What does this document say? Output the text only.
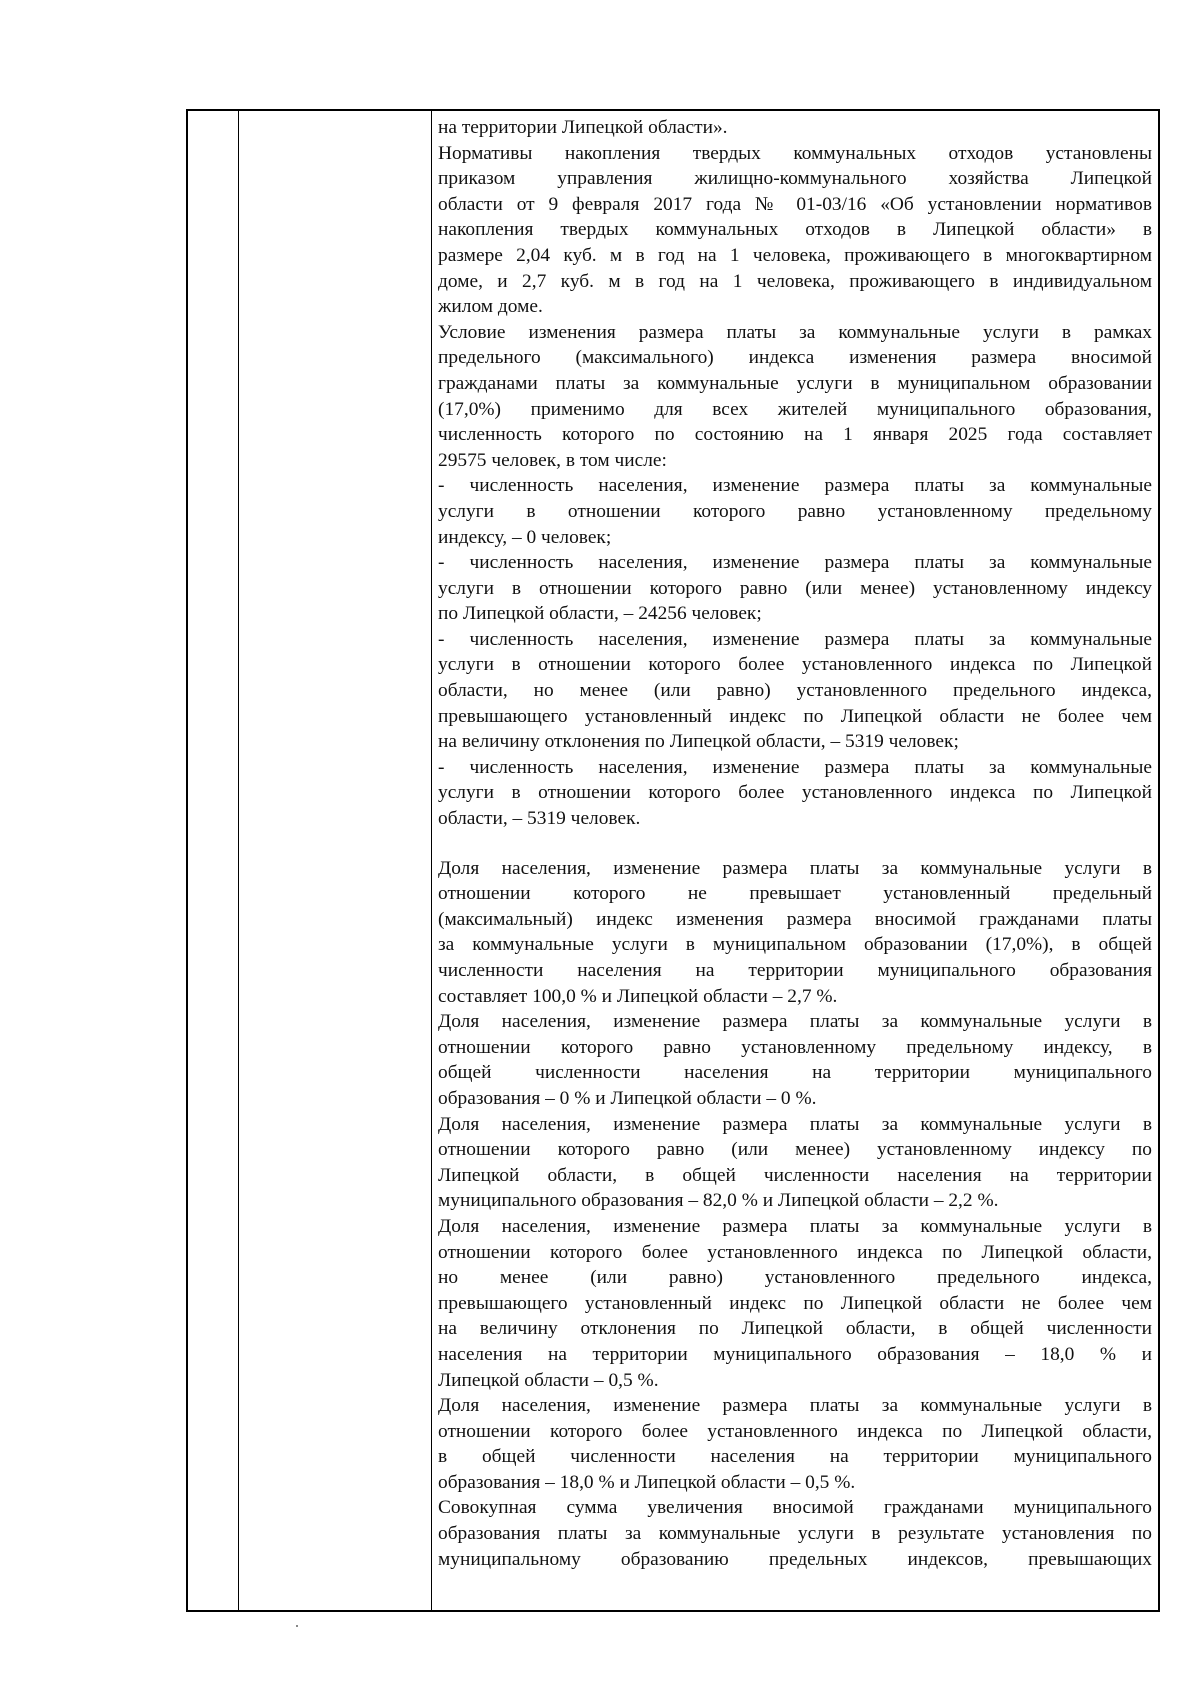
на территории Липецкой области».

Нормативы накопления твердых коммунальных отходов установлены

приказом управления жилищно-коммунального хозяйства Липецкой

области от 9 февраля 2017 года № 01-03/16 «Об установлении нормативов

накопления твердых коммунальных отходов в Липецкой области» в

размере 2,04 куб. м в год на 1 человека, проживающего в многоквартирном

доме, и 2,7 куб. м в год на 1 человека, проживающего в индивидуальном

жилом доме.

Условие изменения размера платы за коммунальные услуги в рамках

предельного (максимального) индекса изменения размера вносимой

гражданами платы за коммунальные услуги в муниципальном образовании

(17,0%) применимо для всех жителей муниципального образования,

численность которого по состоянию на 1 января 2025 года составляет

29575 человек, в том числе:

- численность населения, изменение размера платы за коммунальные

услуги в отношении которого равно установленному предельному

индексу, – 0 человек;

- численность населения, изменение размера платы за коммунальные

услуги в отношении которого равно (или менее) установленному индексу

по Липецкой области, – 24256 человек;

- численность населения, изменение размера платы за коммунальные

услуги в отношении которого более установленного индекса по Липецкой

области, но менее (или равно) установленного предельного индекса,

превышающего установленный индекс по Липецкой области не более чем

на величину отклонения по Липецкой области, – 5319 человек;

- численность населения, изменение размера платы за коммунальные

услуги в отношении которого более установленного индекса по Липецкой

области, – 5319 человек.

Доля населения, изменение размера платы за коммунальные услуги в

отношении которого не превышает установленный предельный

(максимальный) индекс изменения размера вносимой гражданами платы

за коммунальные услуги в муниципальном образовании (17,0%), в общей

численности населения на территории муниципального образования

составляет 100,0 % и Липецкой области – 2,7 %.

Доля населения, изменение размера платы за коммунальные услуги в

отношении которого равно установленному предельному индексу, в

общей численности населения на территории муниципального

образования – 0 % и Липецкой области – 0 %.

Доля населения, изменение размера платы за коммунальные услуги в

отношении которого равно (или менее) установленному индексу по

Липецкой области, в общей численности населения на территории

муниципального образования – 82,0 % и Липецкой области – 2,2 %.

Доля населения, изменение размера платы за коммунальные услуги в

отношении которого более установленного индекса по Липецкой области,

но менее (или равно) установленного предельного индекса,

превышающего установленный индекс по Липецкой области не более чем

на величину отклонения по Липецкой области, в общей численности

населения на территории муниципального образования – 18,0 % и

Липецкой области – 0,5 %.

Доля населения, изменение размера платы за коммунальные услуги в

отношении которого более установленного индекса по Липецкой области,

в общей численности населения на территории муниципального

образования – 18,0 % и Липецкой области – 0,5 %.

Совокупная сумма увеличения вносимой гражданами муниципального

образования платы за коммунальные услуги в результате установления по

муниципальному образованию предельных индексов, превышающих
